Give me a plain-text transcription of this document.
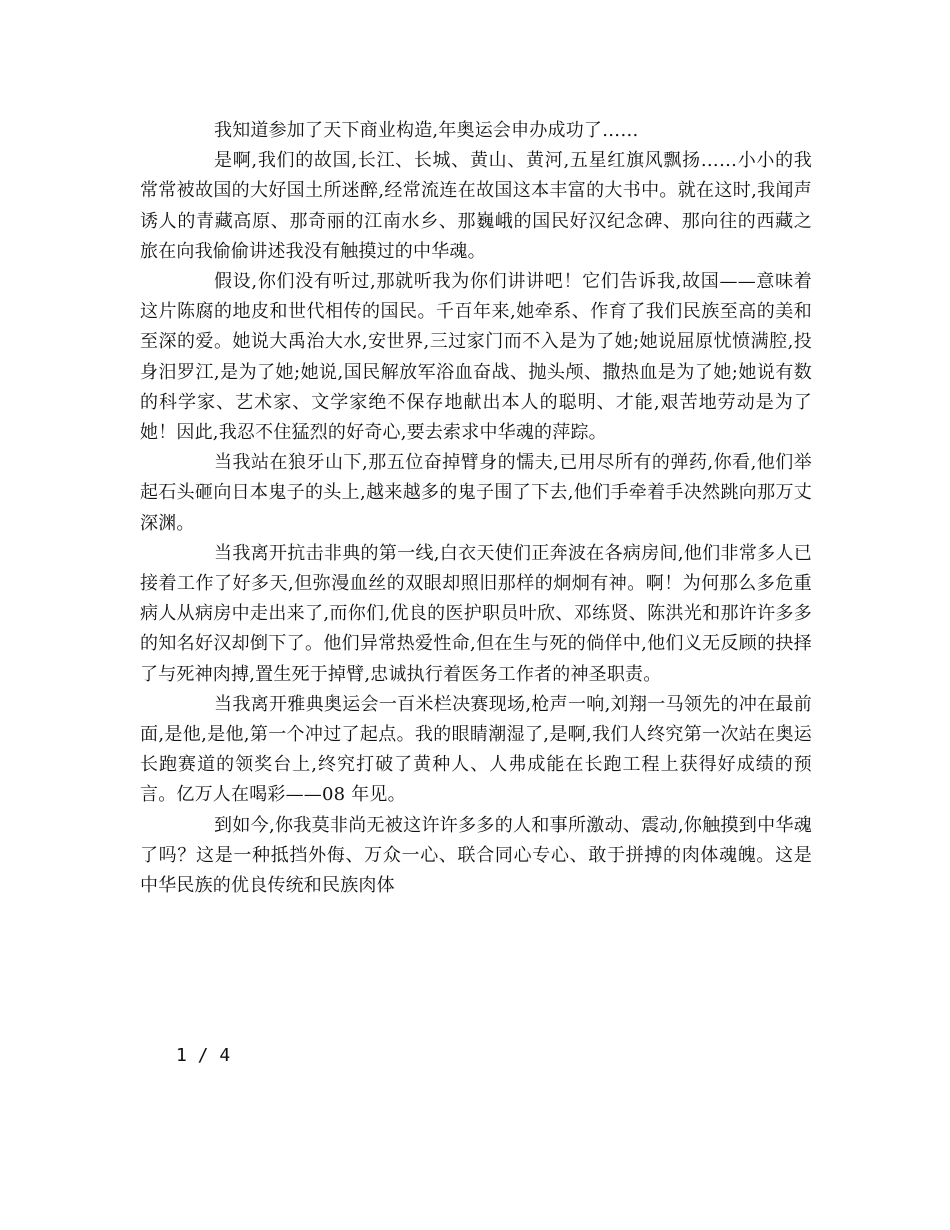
我知道参加了天下商业构造,年奥运会申办成功了……

是啊,我们的故国,长江、长城、黄山、黄河,五星红旗风飘扬……小小的我常常被故国的大好国土所迷醉,经常流连在故国这本丰富的大书中。就在这时,我闻声诱人的青藏高原、那奇丽的江南水乡、那巍峨的国民好汉纪念碑、那向往的西藏之旅在向我偷偷讲述我没有触摸过的中华魂。

假设,你们没有听过,那就听我为你们讲讲吧！它们告诉我,故国——意味着这片陈腐的地皮和世代相传的国民。千百年来,她牵系、作育了我们民族至高的美和至深的爱。她说大禹治大水,安世界,三过家门而不入是为了她;她说屈原忧愤满腔,投身汨罗江,是为了她;她说,国民解放军浴血奋战、抛头颅、撒热血是为了她;她说有数的科学家、艺术家、文学家绝不保存地献出本人的聪明、才能,艰苦地劳动是为了她！因此,我忍不住猛烈的好奇心,要去索求中华魂的萍踪。

当我站在狼牙山下,那五位奋掉臂身的懦夫,已用尽所有的弹药,你看,他们举起石头砸向日本鬼子的头上,越来越多的鬼子围了下去,他们手牵着手决然跳向那万丈深渊。

当我离开抗击非典的第一线,白衣天使们正奔波在各病房间,他们非常多人已接着工作了好多天,但弥漫血丝的双眼却照旧那样的炯炯有神。啊！为何那么多危重病人从病房中走出来了,而你们,优良的医护职员叶欣、邓练贤、陈洪光和那许许多多的知名好汉却倒下了。他们异常热爱性命,但在生与死的倘佯中,他们义无反顾的抉择了与死神肉搏,置生死于掉臂,忠诚执行着医务工作者的神圣职责。

当我离开雅典奥运会一百米栏决赛现场,枪声一响,刘翔一马领先的冲在最前面,是他,是他,第一个冲过了起点。我的眼睛潮湿了,是啊,我们人终究第一次站在奥运长跑赛道的领奖台上,终究打破了黄种人、人弗成能在长跑工程上获得好成绩的预言。亿万人在喝彩——08 年见。

到如今,你我莫非尚无被这许许多多的人和事所激动、震动,你触摸到中华魂了吗？这是一种抵挡外侮、万众一心、联合同心专心、敢于拼搏的肉体魂魄。这是中华民族的优良传统和民族肉体

1 / 4
